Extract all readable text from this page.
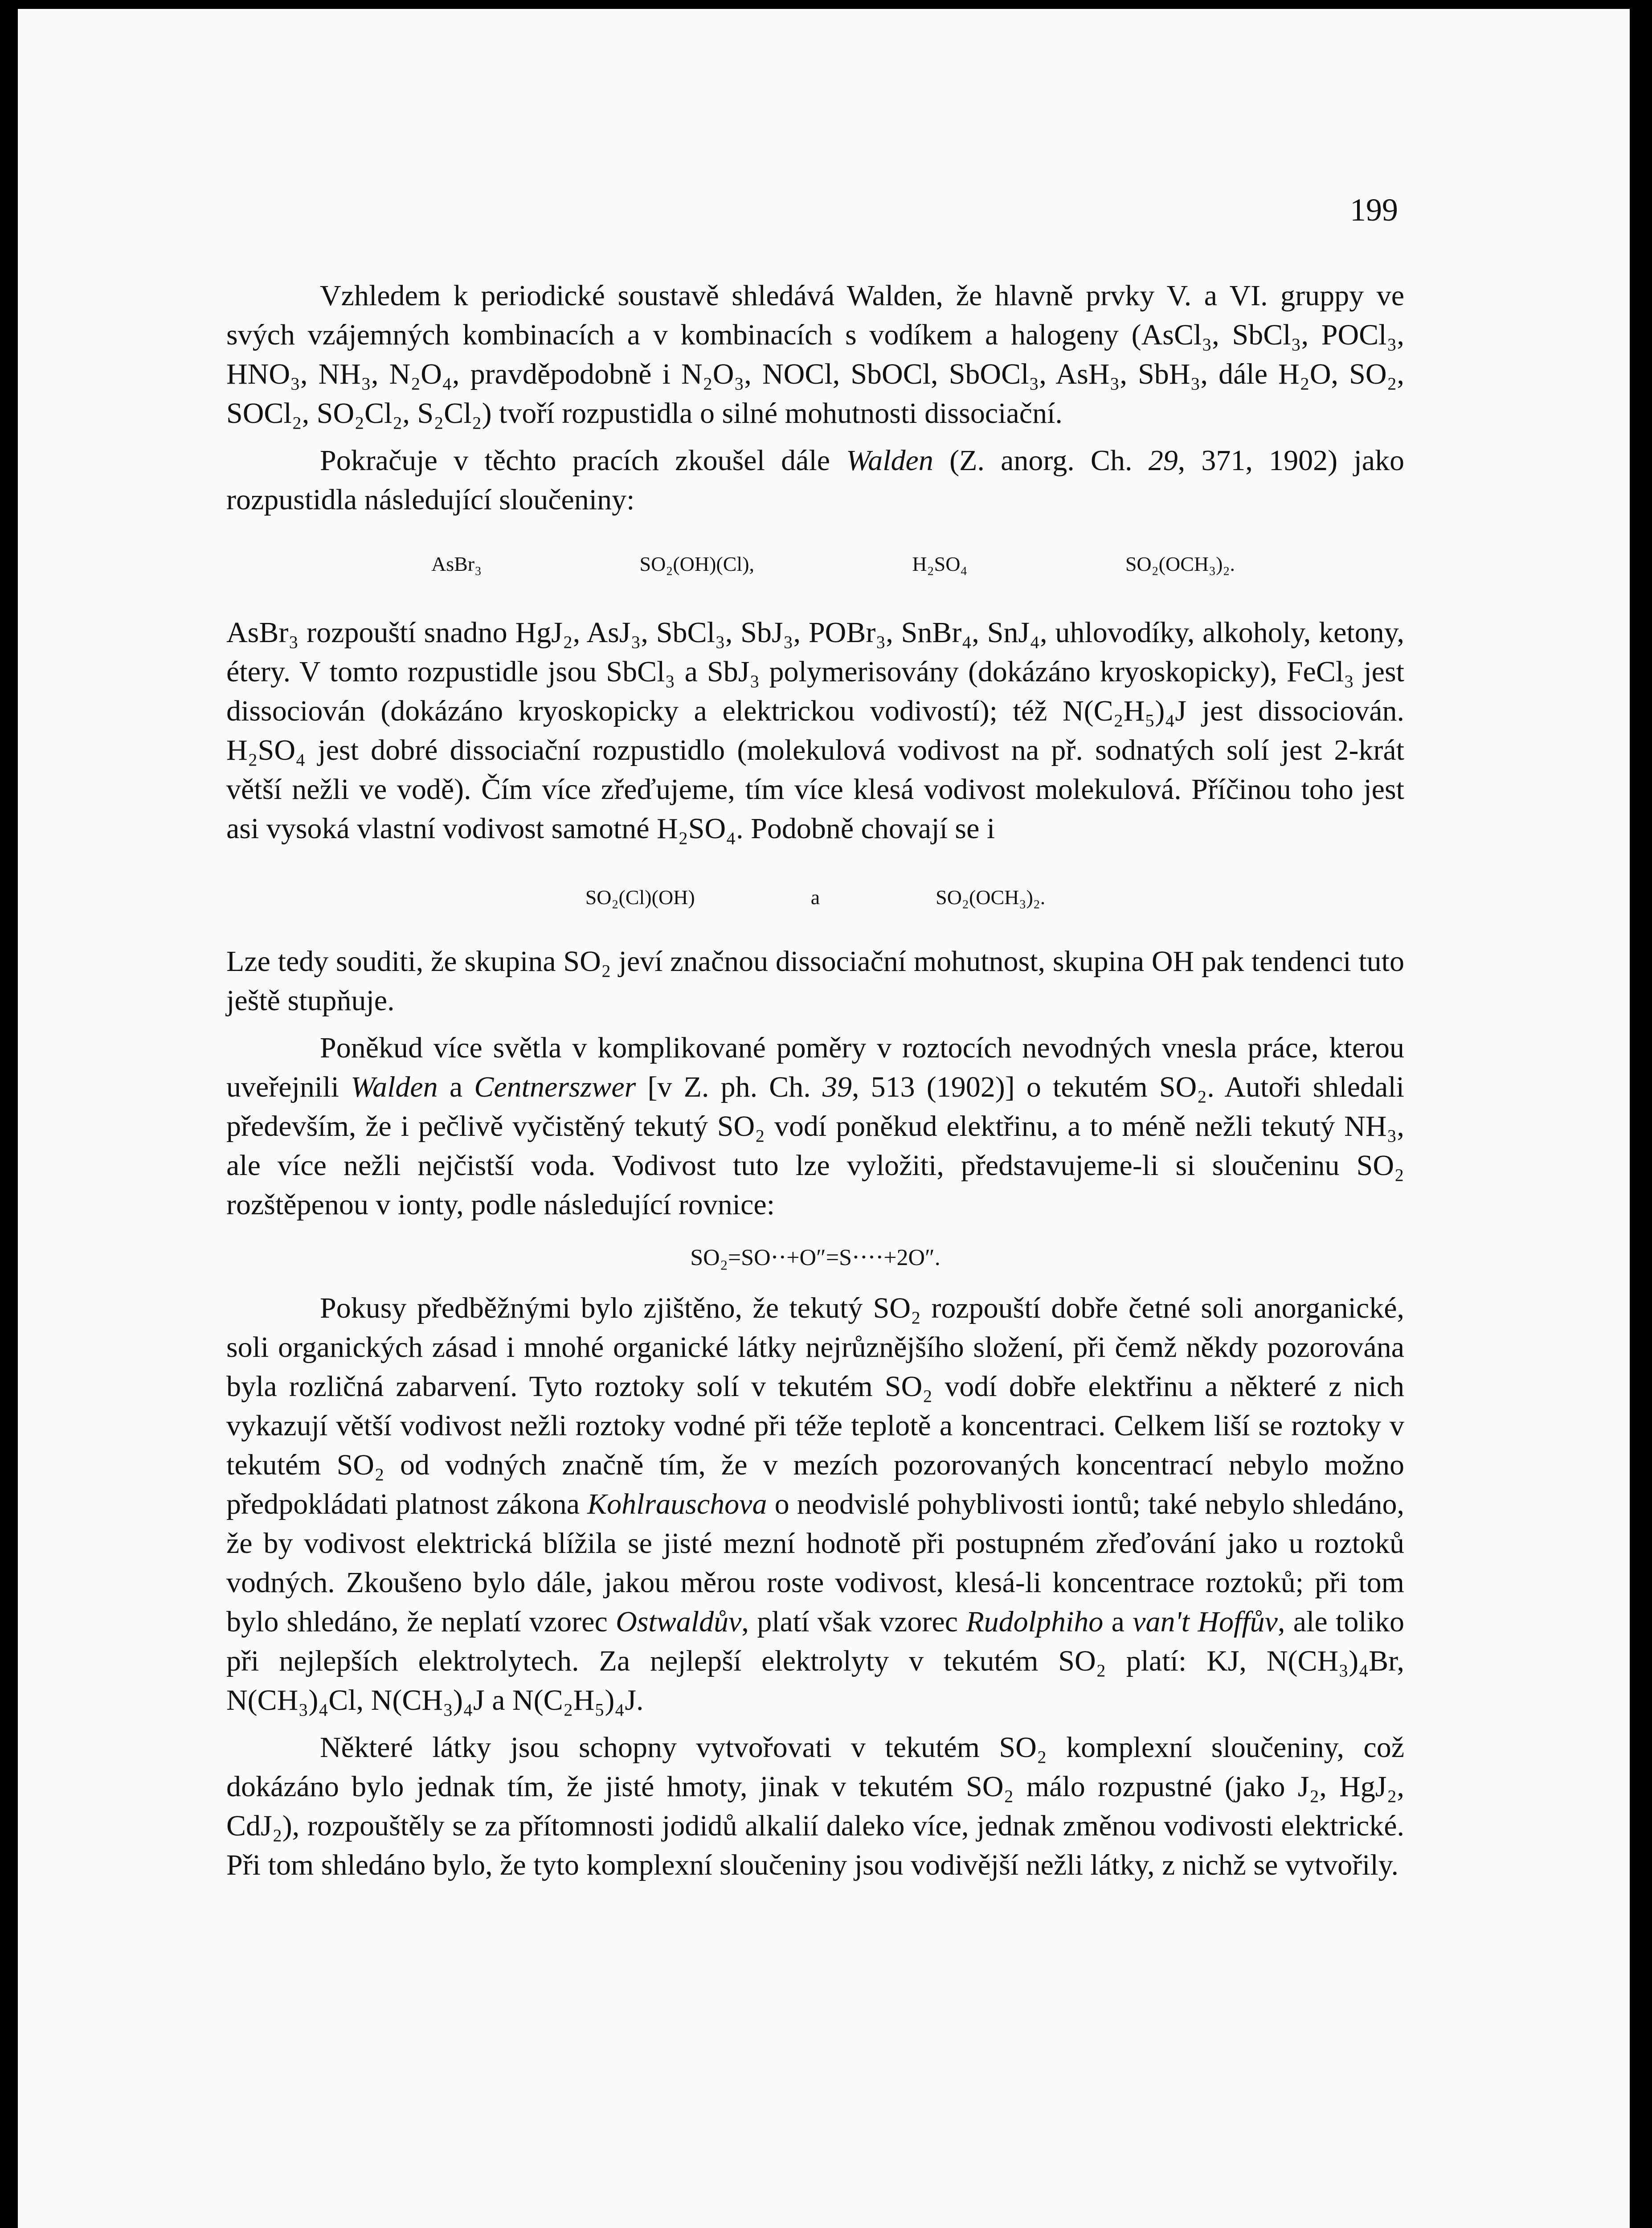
199

Vzhledem k periodické soustavě shledává Walden, že hlavně prvky V. a VI. gruppy ve svých vzájemných kombinacích a v kombinacích s vodíkem a halogeny (AsCl₃, SbCl₃, POCl₃, HNO₃, NH₃, N₂O₄, pravděpodobně i N₂O₃, NOCl, SbOCl, SbOCl₃, AsH₃, SbH₃, dále H₂O, SO₂, SOCl₂, SO₂Cl₂, S₂Cl₂) tvoří rozpustidla o silné mohutnosti dissociační.

Pokračuje v těchto pracích zkoušel dále Walden (Z. anorg. Ch. 29, 371, 1902) jako rozpustidla následující sloučeniny:

AsBr₃	SO₂(OH)(Cl),	H₂SO₄	SO₂(OCH₃)₂.

AsBr₃ rozpouští snadno HgJ₂, AsJ₃, SbCl₃, SbJ₃, POBr₃, SnBr₄, SnJ₄, uhlovodíky, alkoholy, ketony, étery. V tomto rozpustidle jsou SbCl₃ a SbJ₃ polymerisovány (dokázáno kryoskopicky), FeCl₃ jest dissociován (dokázáno kryoskopicky a elektrickou vodivostí); též N(C₂H₅)₄J jest dissociován. H₂SO₄ jest dobré dissociační rozpustidlo (molekulová vodivost na př. sodnatých solí jest 2-krát větší nežli ve vodě). Čím více zřeďujeme, tím více klesá vodivost molekulová. Příčinou toho jest asi vysoká vlastní vodivost samotné H₂SO₄. Podobně chovají se i

SO₂(Cl)(OH)	a	SO₂(OCH₃)₂.

Lze tedy souditi, že skupina SO₂ jeví značnou dissociační mohutnost, skupina OH pak tendenci tuto ještě stupňuje.

Poněkud více světla v komplikované poměry v roztocích nevodných vnesla práce, kterou uveřejnili Walden a Centnerszwer [v Z. ph. Ch. 39, 513 (1902)] o tekutém SO₂. Autoři shledali především, že i pečlivě vyčistěný tekutý SO₂ vodí poněkud elektřinu, a to méně nežli tekutý NH₃, ale více nežli nejčistší voda. Vodivost tuto lze vyložiti, představujeme-li si sloučeninu SO₂ rozštěpenou v ionty, podle následující rovnice:

SO₂=SO⋅⋅+O″=S⋅⋅⋅⋅+2O″.

Pokusy předběžnými bylo zjištěno, že tekutý SO₂ rozpouští dobře četné soli anorganické, soli organických zásad i mnohé organické látky nejrůznějšího složení, při čemž někdy pozorována byla rozličná zabarvení. Tyto roztoky solí v tekutém SO₂ vodí dobře elektřinu a některé z nich vykazují větší vodivost nežli roztoky vodné při téže teplotě a koncentraci. Celkem liší se roztoky v tekutém SO₂ od vodných značně tím, že v mezích pozorovaných koncentrací nebylo možno předpokládati platnost zákona Kohlrauschova o neodvislé pohyblivosti iontů; také nebylo shledáno, že by vodivost elektrická blížila se jisté mezní hodnotě při postupném zřeďování jako u roztoků vodných. Zkoušeno bylo dále, jakou měrou roste vodivost, klesá-li koncentrace roztoků; při tom bylo shledáno, že neplatí vzorec Ostwaldův, platí však vzorec Rudolphiho a van't Hoffův, ale toliko při nejlepších elektrolytech. Za nejlepší elektrolyty v tekutém SO₂ platí: KJ, N(CH₃)₄Br, N(CH₃)₄Cl, N(CH₃)₄J a N(C₂H₅)₄J.

Některé látky jsou schopny vytvořovati v tekutém SO₂ komplexní sloučeniny, což dokázáno bylo jednak tím, že jisté hmoty, jinak v tekutém SO₂ málo rozpustné (jako J₂, HgJ₂, CdJ₂), rozpouštěly se za přítomnosti jodidů alkalií daleko více, jednak změnou vodivosti elektrické. Při tom shledáno bylo, že tyto komplexní sloučeniny jsou vodivější nežli látky, z nichž se vytvořily.
